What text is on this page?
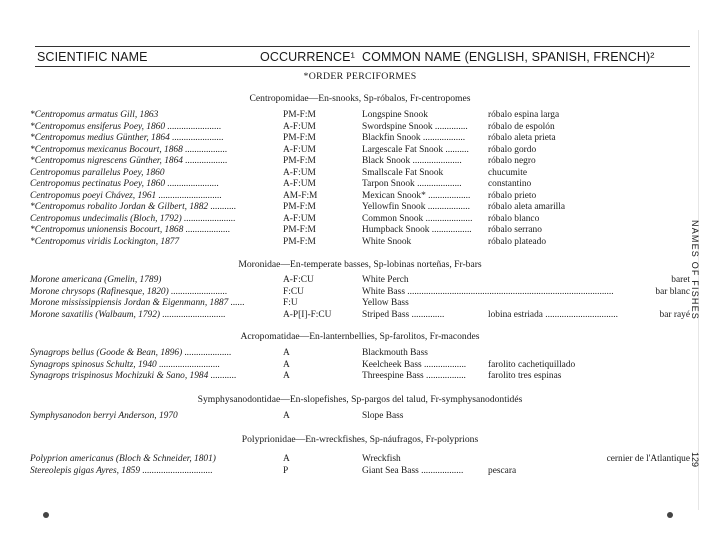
SCIENTIFIC NAME	OCCURRENCE¹ COMMON NAME (ENGLISH, SPANISH, FRENCH)²
*ORDER PERCIFORMES
Centropomidae—En-snooks, Sp-róbalos, Fr-centropomes
*Centropomus armatus Gill, 1863	PM-F:M	Longspine Snook	róbalo espina larga
*Centropomus ensiferus Poey, 1860 .......................	A-F:UM	Swordspine Snook .............. róbalo de espolón
*Centropomus medius Günther, 1864 ......................	PM-F:M	Blackfin Snook .................. róbalo aleta prieta
*Centropomus mexicanus Bocourt, 1868 ..................	A-F:UM	Largescale Fat Snook .......... róbalo gordo
*Centropomus nigrescens Günther, 1864 ..................	PM-F:M	Black Snook .....................	róbalo negro
Centropomus parallelus Poey, 1860	A-F:UM	Smallscale Fat Snook	chucumite
Centropomus pectinatus Poey, 1860 ......................	A-F:UM	Tarpon Snook ...................	constantino
Centropomus poeyi Chávez, 1961 ...........................	AM-F:M	Mexican Snook* .................. róbalo prieto
*Centropomus robalito Jordan & Gilbert, 1882 ...........	PM-F:M	Yellowfin Snook .................. róbalo aleta amarilla
Centropomus undecimalis (Bloch, 1792) ......................	A-F:UM	Common Snook .................... róbalo blanco
*Centropomus unionensis Bocourt, 1868 ...................	PM-F:M	Humpback Snook ................. róbalo serrano
*Centropomus viridis Lockington, 1877	PM-F:M	White Snook	róbalo plateado
Moronidae—En-temperate basses, Sp-lobinas norteñas, Fr-bars
Morone americana (Gmelin, 1789)	A-F:CU	White Perch	baret
Morone chrysops (Rafinesque, 1820) ........................	F:CU	White Bass ........................................................................................	bar blanc
Morone mississippiensis Jordan & Eigenmann, 1887 ......	F:U	Yellow Bass
Morone saxatilis (Walbaum, 1792) ...........................	A-P[I]-F:CU	Striped Bass ..............	lobina estriada ...............................	bar rayé
Acropomatidae—En-lanternbellies, Sp-farolitos, Fr-macondes
Synagrops bellus (Goode & Bean, 1896) ....................	A	Blackmouth Bass
Synagrops spinosus Schultz, 1940 ..........................	A	Keelcheek Bass .................. farolito cachetiquillado
Synagrops trispinosus Mochizuki & Sano, 1984 ...........	A	Threespine Bass ................. farolito tres espinas
Symphysanodontidae—En-slopefishes, Sp-pargos del talud, Fr-symphysanodontidés
Symphysanodon berryi Anderson, 1970	A	Slope Bass
Polyprionidae—En-wreckfishes, Sp-náufragos, Fr-polyprions
Polyprion americanus (Bloch & Schneider, 1801)	A	Wreckfish	cernier de l'Atlantique
Stereolepis gigas Ayres, 1859 ..............................	P	Giant Sea Bass ..................	pescara
NAMES OF FISHES
129
